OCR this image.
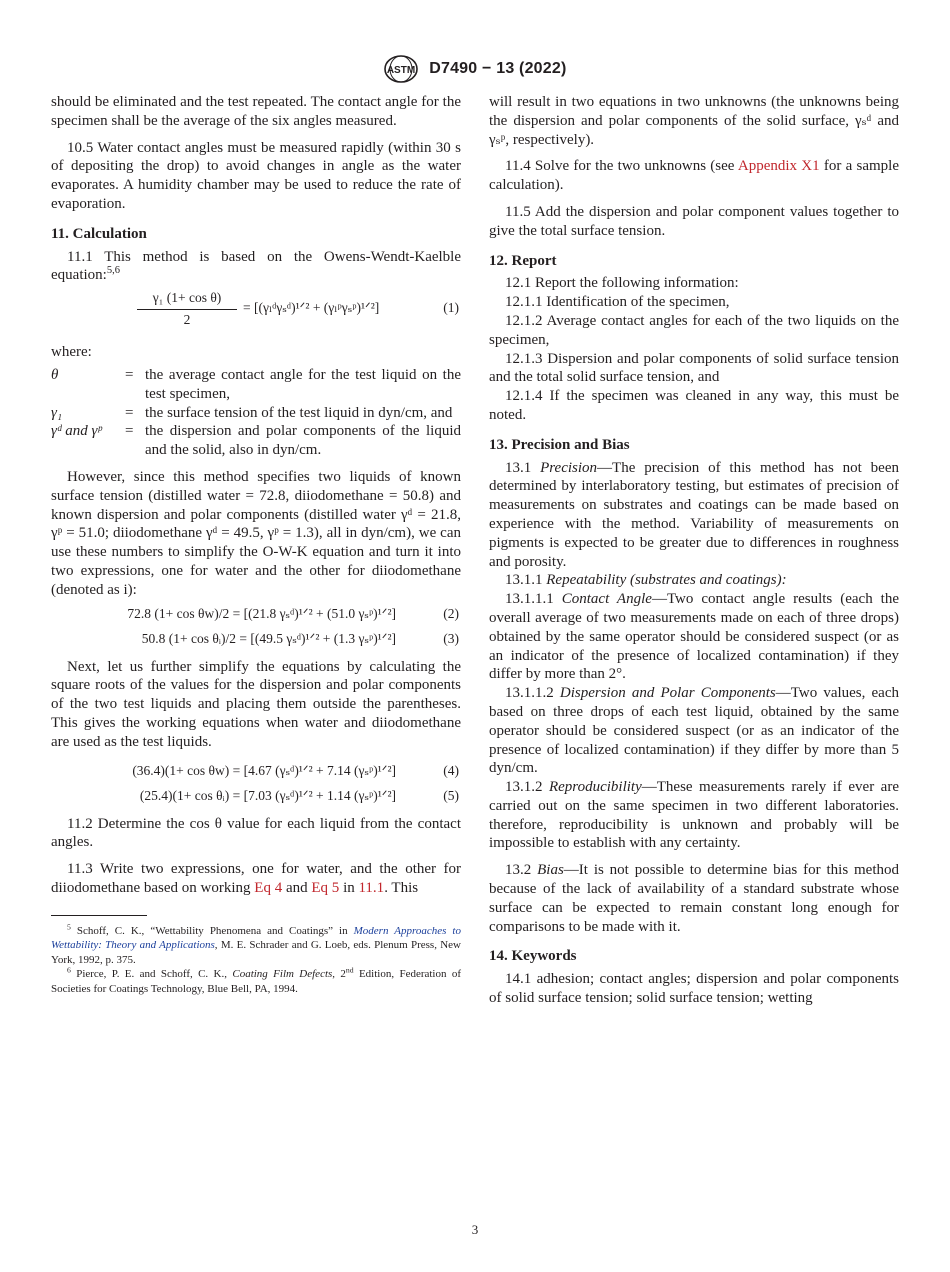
ASTM D7490 − 13 (2022)

should be eliminated and the test repeated. The contact angle for the specimen shall be the average of the six angles measured.

10.5 Water contact angles must be measured rapidly (within 30 s of depositing the drop) to avoid changes in angle as the water evaporates. A humidity chamber may be used to reduce the rate of evaporation.

11. Calculation

11.1 This method is based on the Owens-Wendt-Kaelble equation:$^{5,6}$

$\frac{\text{γ₁ (1+ cos θ)}}{2}$ = [(γₗᵈγₛᵈ)¹ᐟ² + (γₗᵖγₛᵖ)¹ᐟ²]	(1)

where:

θ	= the average contact angle for the test liquid on the test specimen,
γ₁	= the surface tension of the test liquid in dyn/cm, and
γᵈ and γᵖ = the dispersion and polar components of the liquid and the solid, also in dyn/cm.

However, since this method specifies two liquids of known surface tension (distilled water = 72.8, diiodomethane = 50.8) and known dispersion and polar components (distilled water γᵈ = 21.8, γᵖ = 51.0; diiodomethane γᵈ = 49.5, γᵖ = 1.3), all in dyn/cm), we can use these numbers to simplify the O-W-K equation and turn it into two expressions, one for water and the other for diiodomethane (denoted as i):

72.8 (1+ cos θw)/2 = [(21.8 γₛᵈ)¹ᐟ² + (51.0 γₛᵖ)¹ᐟ²]	(2)
50.8 (1+ cos θᵢ)/2 = [(49.5 γₛᵈ)¹ᐟ² + (1.3 γₛᵖ)¹ᐟ²]	(3)

Next, let us further simplify the equations by calculating the square roots of the values for the dispersion and polar components of the two test liquids and placing them outside the parentheses. This gives the working equations when water and diiodomethane are used as the test liquids.

(36.4)(1+ cos θw) = [4.67 (γₛᵈ)¹ᐟ² + 7.14 (γₛᵖ)¹ᐟ²]	(4)
(25.4)(1+ cos θᵢ) = [7.03 (γₛᵈ)¹ᐟ² + 1.14 (γₛᵖ)¹ᐟ²]	(5)

11.2 Determine the cos θ value for each liquid from the contact angles.

11.3 Write two expressions, one for water, and the other for diiodomethane based on working Eq 4 and Eq 5 in 11.1. This

$^5$ Schoff, C. K., “Wettability Phenomena and Coatings” in Modern Approaches to Wettability: Theory and Applications, M. E. Schrader and G. Loeb, eds. Plenum Press, New York, 1992, p. 375.

$^6$ Pierce, P. E. and Schoff, C. K., Coating Film Defects, 2nd Edition, Federation of Societies for Coatings Technology, Blue Bell, PA, 1994.

will result in two equations in two unknowns (the unknowns being the dispersion and polar components of the solid surface, γₛᵈ and γₛᵖ, respectively).

11.4 Solve for the two unknowns (see Appendix X1 for a sample calculation).

11.5 Add the dispersion and polar component values together to give the total surface tension.

12. Report

12.1 Report the following information:

12.1.1 Identification of the specimen,

12.1.2 Average contact angles for each of the two liquids on the specimen,

12.1.3 Dispersion and polar components of solid surface tension and the total solid surface tension, and

12.1.4 If the specimen was cleaned in any way, this must be noted.

13. Precision and Bias

13.1 Precision—The precision of this method has not been determined by interlaboratory testing, but estimates of precision of measurements on substrates and coatings can be made based on experience with the method. Variability of measurements on pigments is expected to be greater due to differences in roughness and porosity.

13.1.1 Repeatability (substrates and coatings):

13.1.1.1 Contact Angle—Two contact angle results (each the overall average of two measurements made on each of three drops) obtained by the same operator should be considered suspect (or as an indicator of the presence of localized contamination) if they differ by more than 2°.

13.1.1.2 Dispersion and Polar Components—Two values, each based on three drops of each test liquid, obtained by the same operator should be considered suspect (or as an indicator of the presence of localized contamination) if they differ by more than 5 dyn/cm.

13.1.2 Reproducibility—These measurements rarely if ever are carried out on the same specimen in two different laboratories. therefore, reproducibility is unknown and probably will be impossible to establish with any certainty.

13.2 Bias—It is not possible to determine bias for this method because of the lack of availability of a standard substrate whose surface can be expected to remain constant long enough for comparisons to be made with it.

14. Keywords

14.1 adhesion; contact angles; dispersion and polar components of solid surface tension; solid surface tension; wetting

3
